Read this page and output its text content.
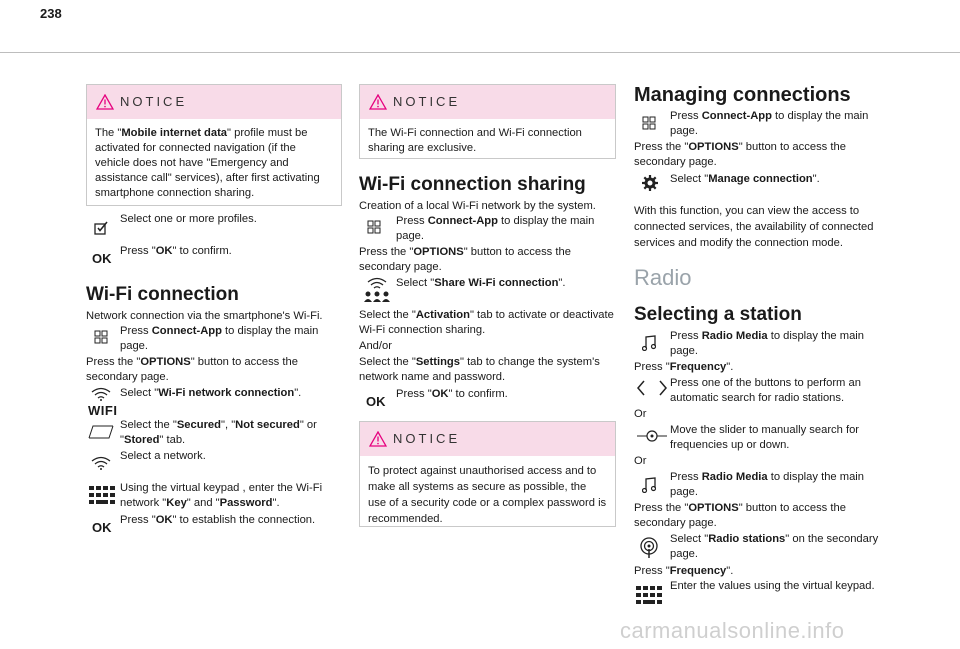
238
NOTICE
The "Mobile internet data" profile must be activated for connected navigation (if the vehicle does not have "Emergency and assistance call" services), after first activating smartphone connection sharing.
Select one or more profiles.
OK Press "OK" to confirm.
Wi-Fi connection
Network connection via the smartphone's Wi-Fi.
Press Connect-App to display the main page.
Press the "OPTIONS" button to access the secondary page.
Select "Wi-Fi network connection".
WIFI
Select the "Secured", "Not secured" or "Stored" tab.
Select a network.
Using the virtual keypad , enter the Wi-Fi network "Key" and "Password".
OK Press "OK" to establish the connection.
NOTICE
The Wi-Fi connection and Wi-Fi connection sharing are exclusive.
Wi-Fi connection sharing
Creation of a local Wi-Fi network by the system.
Press Connect-App to display the main page.
Press the "OPTIONS" button to access the secondary page.
Select "Share Wi-Fi connection".
Select the "Activation" tab to activate or deactivate Wi-Fi connection sharing.
And/or
Select the "Settings" tab to change the system's network name and password.
OK Press "OK" to confirm.
NOTICE
To protect against unauthorised access and to make all systems as secure as possible, the use of a security code or a complex password is recommended.
Managing connections
Press Connect-App to display the main page.
Press the "OPTIONS" button to access the secondary page.
Select "Manage connection".
With this function, you can view the access to connected services, the availability of connected services and modify the connection mode.
Radio
Selecting a station
Press Radio Media to display the main page.
Press "Frequency".
Press one of the buttons to perform an automatic search for radio stations.
Or
Move the slider to manually search for frequencies up or down.
Or
Press Radio Media to display the main page.
Press the "OPTIONS" button to access the secondary page.
Select "Radio stations" on the secondary page.
Press "Frequency".
Enter the values using the virtual keypad.
carmanualsonline.info
